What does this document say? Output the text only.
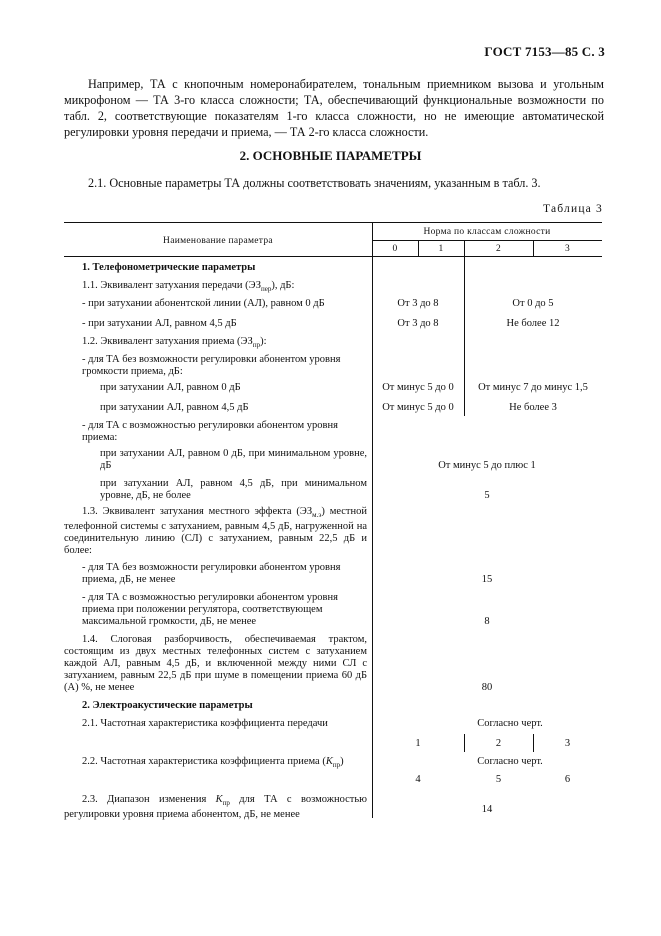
ГОСТ 7153—85 С. 3
Например, ТА с кнопочным номеронабирателем, тональным приемником вызова и угольным микрофоном — ТА 3-го класса сложности; ТА, обеспечивающий функциональные возможности по табл. 2, соответствующие показателям 1-го класса сложности, но не имеющие автоматической регулировки уровня передачи и приема, — ТА 2-го класса сложности.
2. ОСНОВНЫЕ ПАРАМЕТРЫ
2.1. Основные параметры ТА должны соответствовать значениям, указанным в табл. 3.
Таблица 3
Наименование параметра
Норма по классам сложности
0	1	2	3
1. Телефонометрические параметры
1.1. Эквивалент затухания передачи $(ЭЗ_{пер})$, дБ:
- при затухании абонентской линии (АЛ), равном 0 дБ	От 3 до 8	От 0 до 5
- при затухании АЛ, равном 4,5 дБ	От 3 до 8	Не более 12
1.2. Эквивалент затухания приема $(ЭЗ_{пр})$:
- для ТА без возможности регулировки абонентом уровня громкости приема, дБ:
при затухании АЛ, равном 0 дБ	От минус 5 до 0	От минус 7 до минус 1,5
при затухании АЛ, равном 4,5 дБ	От минус 5 до 0	Не более 3
- для ТА с возможностью регулировки абонентом уровня приема:
при затухании АЛ, равном 0 дБ, при минимальном уровне, дБ	От минус 5 до плюс 1
при затухании АЛ, равном 4,5 дБ, при минимальном уровне, дБ, не более	5
1.3. Эквивалент затухания местного эффекта $(ЭЗ_{м.э})$ местной телефонной системы с затуханием, равным 4,5 дБ, нагруженной на соединительную линию (СЛ) с затуханием, равным 22,5 дБ и более:
- для ТА без возможности регулировки абонентом уровня приема, дБ, не менее	15
- для ТА с возможностью регулировки абонентом уровня приема при положении регулятора, соответствующем максимальной громкости, дБ, не менее	8
1.4. Слоговая разборчивость, обеспечиваемая трактом, состоящим из двух местных телефонных систем с затуханием каждой АЛ, равным 4,5 дБ, и включенной между ними СЛ с затуханием, равным 22,5 дБ при шуме в помещении приема 60 дБ (А) %, не менее	80
2. Электроакустические параметры
2.1. Частотная характеристика коэффициента передачи	Согласно черт.
1	2	3
2.2. Частотная характеристика коэффициента приема $(K_{пр})$	Согласно черт.
4	5	6
2.3. Диапазон изменения $K_{пр}$ для ТА с возможностью регулировки уровня приема абонентом, дБ, не менее	14
